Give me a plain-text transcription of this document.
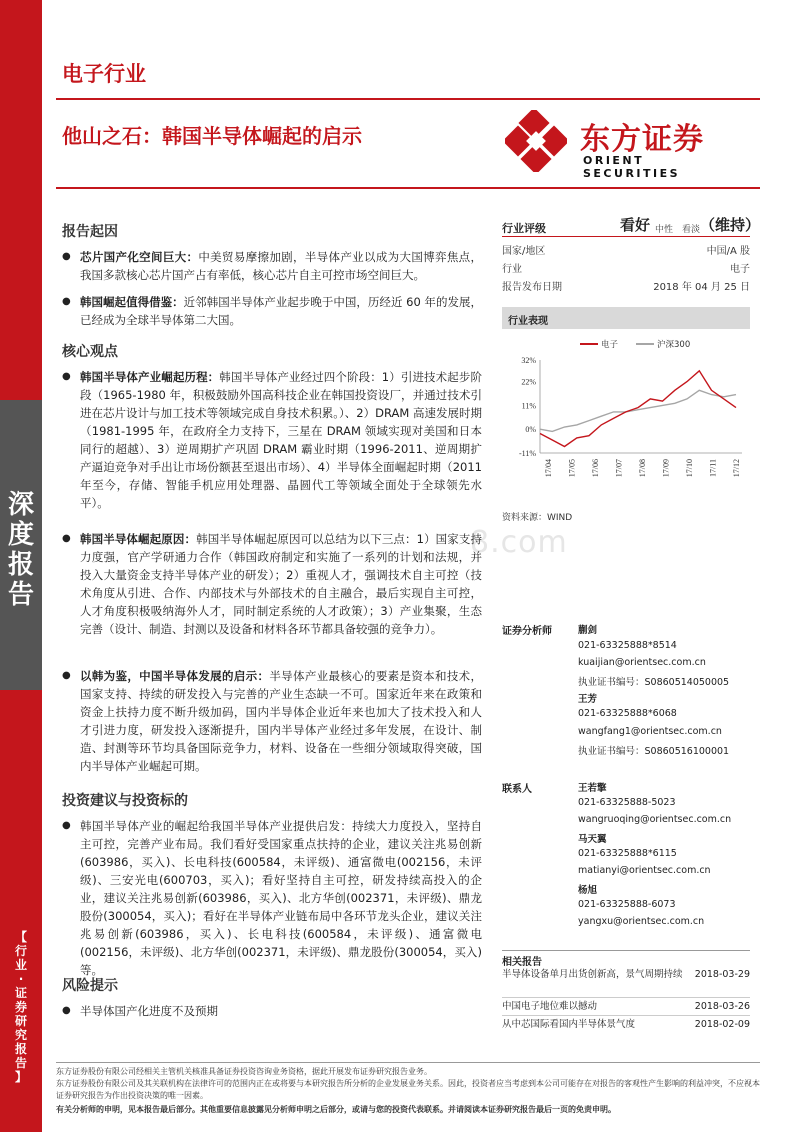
深
度
报
告
【
行
业
·
证
券
研
究
报
告
】
电子行业
他山之石：韩国半导体崛起的启示	东方证券
ORIENT SECURITIES
8.com
报告起因
● 芯片国产化空间巨大：中美贸易摩擦加剧，半导体产业以成为大国博弈焦点，我国多款核心芯片国产占有率低，核心芯片自主可控市场空间巨大。
● 韩国崛起值得借鉴：近邻韩国半导体产业起步晚于中国，历经近 60 年的发展，已经成为全球半导体第二大国。
核心观点
● 韩国半导体产业崛起历程：韩国半导体产业经过四个阶段：1）引进技术起步阶段（1965-1980 年，积极鼓励外国高科技企业在韩国投资设厂，并通过技术引进在芯片设计与加工技术等领域完成自身技术积累。）、2）DRAM 高速发展时期（1981-1995 年，在政府全力支持下，三星在 DRAM 领域实现对美国和日本同行的超越）、3）逆周期扩产巩固 DRAM 霸业时期（1996-2011、逆周期扩产逼迫竞争对手出让市场份额甚至退出市场）、4）半导体全面崛起时期（2011 年至今，存储、智能手机应用处理器、晶圆代工等领域全面处于全球领先水平）。
● 韩国半导体崛起原因：韩国半导体崛起原因可以总结为以下三点：1）国家支持力度强，官产学研通力合作（韩国政府制定和实施了一系列的计划和法规，并投入大量资金支持半导体产业的研发）；2）重视人才，强调技术自主可控（技术角度从引进、合作、内部技术与外部技术的自主融合，最后实现自主可控，人才角度积极吸纳海外人才，同时制定系统的人才政策）；3）产业集聚，生态完善（设计、制造、封测以及设备和材料各环节都具备较强的竞争力）。
● 以韩为鉴，中国半导体发展的启示：半导体产业最核心的要素是资本和技术，国家支持、持续的研发投入与完善的产业生态缺一不可。国家近年来在政策和资金上扶持力度不断升级加码，国内半导体企业近年来也加大了技术投入和人才引进力度，研发投入逐渐提升，国内半导体产业经过多年发展，在设计、制造、封测等环节均具备国际竞争力，材料、设备在一些细分领域取得突破，国内半导体产业崛起可期。
投资建议与投资标的
● 韩国半导体产业的崛起给我国半导体产业提供启发：持续大力度投入，坚持自主可控，完善产业布局。我们看好受国家重点扶持的企业，建议关注兆易创新(603986，买入)、长电科技(600584，未评级)、通富微电(002156，未评级)、三安光电(600703，买入)；看好坚持自主可控，研发持续高投入的企业，建议关注兆易创新(603986，买入)、北方华创(002371，未评级)、鼎龙股份(300054，买入)；看好在半导体产业链布局中各环节龙头企业，建议关注兆易创新(603986，买入)、长电科技(600584，未评级)、通富微电(002156，未评级)、北方华创(002371，未评级)、鼎龙股份(300054，买入)等。
风险提示
● 半导体国产化进度不及预期
行业评级	看好 中性　看淡 （维持）
国家/地区	中国/A 股
行业	电子
报告发布日期	2018 年 04 月 25 日
行业表现
电子	沪深300
32%
22%
11%
0%
-11%
17/04 17/05 17/06 17/07 17/08 17/09 17/10 17/11 17/12
资料来源：WIND
证券分析师	蒯剑
021-63325888*8514
kuaijian@orientsec.com.cn
执业证书编号：S0860514050005
王芳
021-63325888*6068
wangfang1@orientsec.com.cn
执业证书编号：S0860516100001
联系人	王若擎
021-63325888-5023
wangruoqing@orientsec.com.cn
马天翼
021-63325888*6115
matianyi@orientsec.com.cn
杨旭
021-63325888-6073
yangxu@orientsec.com.cn
相关报告
半导体设备单月出货创新高，景气周期持续	2018-03-29
中国电子地位难以撼动	2018-03-26
从中芯国际看国内半导体景气度	2018-02-09
东方证券股份有限公司经相关主管机关核准具备证券投资咨询业务资格，据此开展发布证券研究报告业务。
东方证券股份有限公司及其关联机构在法律许可的范围内正在或将要与本研究报告所分析的企业发展业务关系。因此，投资者应当考虑到本公司可能存在对报告的客观性产生影响的利益冲突，不应视本证券研究报告为作出投资决策的唯一因素。
有关分析师的申明，见本报告最后部分。其他重要信息披露见分析师申明之后部分，或请与您的投资代表联系。并请阅读本证券研究报告最后一页的免责申明。
